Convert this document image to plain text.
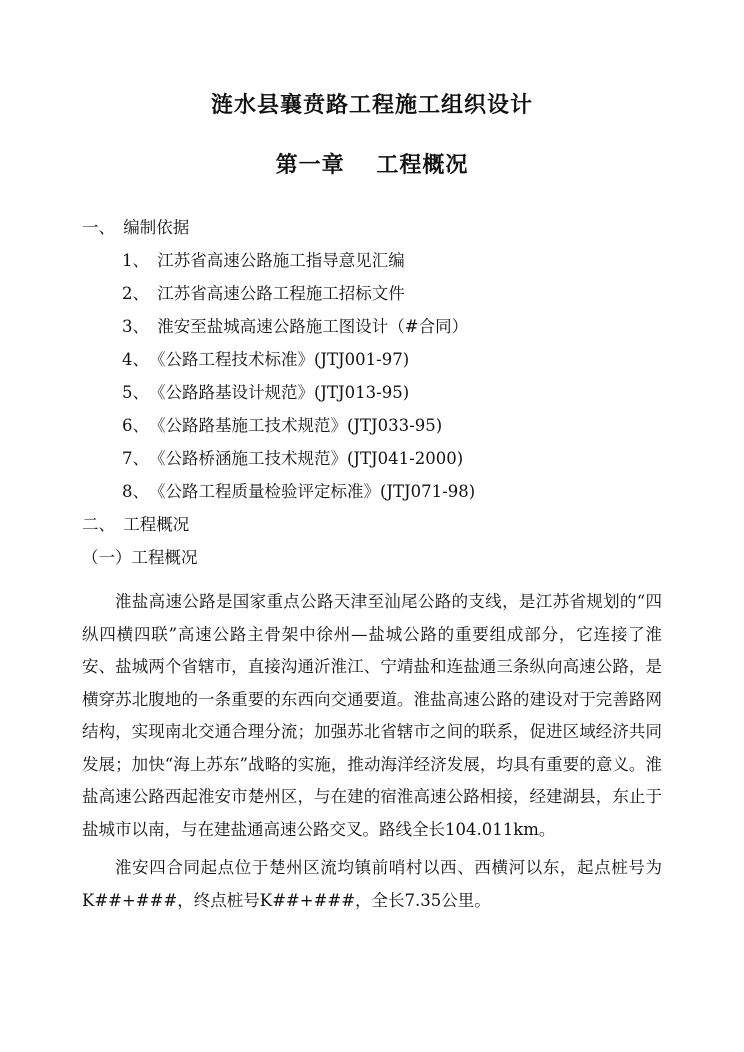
涟水县襄贲路工程施工组织设计
第一章　 工程概况
一、　编制依据
1、　江苏省高速公路施工指导意见汇编
2、　江苏省高速公路工程施工招标文件
3、　淮安至盐城高速公路施工图设计（#合同）
4、　《公路工程技术标准》(JTJ001-97)
5、　《公路路基设计规范》(JTJ013-95)
6、　《公路路基施工技术规范》(JTJ033-95)
7、　《公路桥涵施工技术规范》(JTJ041-2000)
8、　《公路工程质量检验评定标准》(JTJ071-98)
二、　工程概况
（一）工程概况

淮盐高速公路是国家重点公路天津至汕尾公路的支线，是江苏省规划的“四纵四横四联”高速公路主骨架中徐州—盐城公路的重要组成部分，它连接了淮安、盐城两个省辖市，直接沟通沂淮江、宁靖盐和连盐通三条纵向高速公路，是横穿苏北腹地的一条重要的东西向交通要道。淮盐高速公路的建设对于完善路网结构，实现南北交通合理分流；加强苏北省辖市之间的联系，促进区域经济共同发展；加快“海上苏东”战略的实施，推动海洋经济发展，均具有重要的意义。淮盐高速公路西起淮安市楚州区，与在建的宿淮高速公路相接，经建湖县，东止于盐城市以南，与在建盐通高速公路交叉。路线全长104.011km。

淮安四合同起点位于楚州区流均镇前哨村以西、西横河以东，起点桩号为K##+###，终点桩号K##+###，全长7.35公里。
